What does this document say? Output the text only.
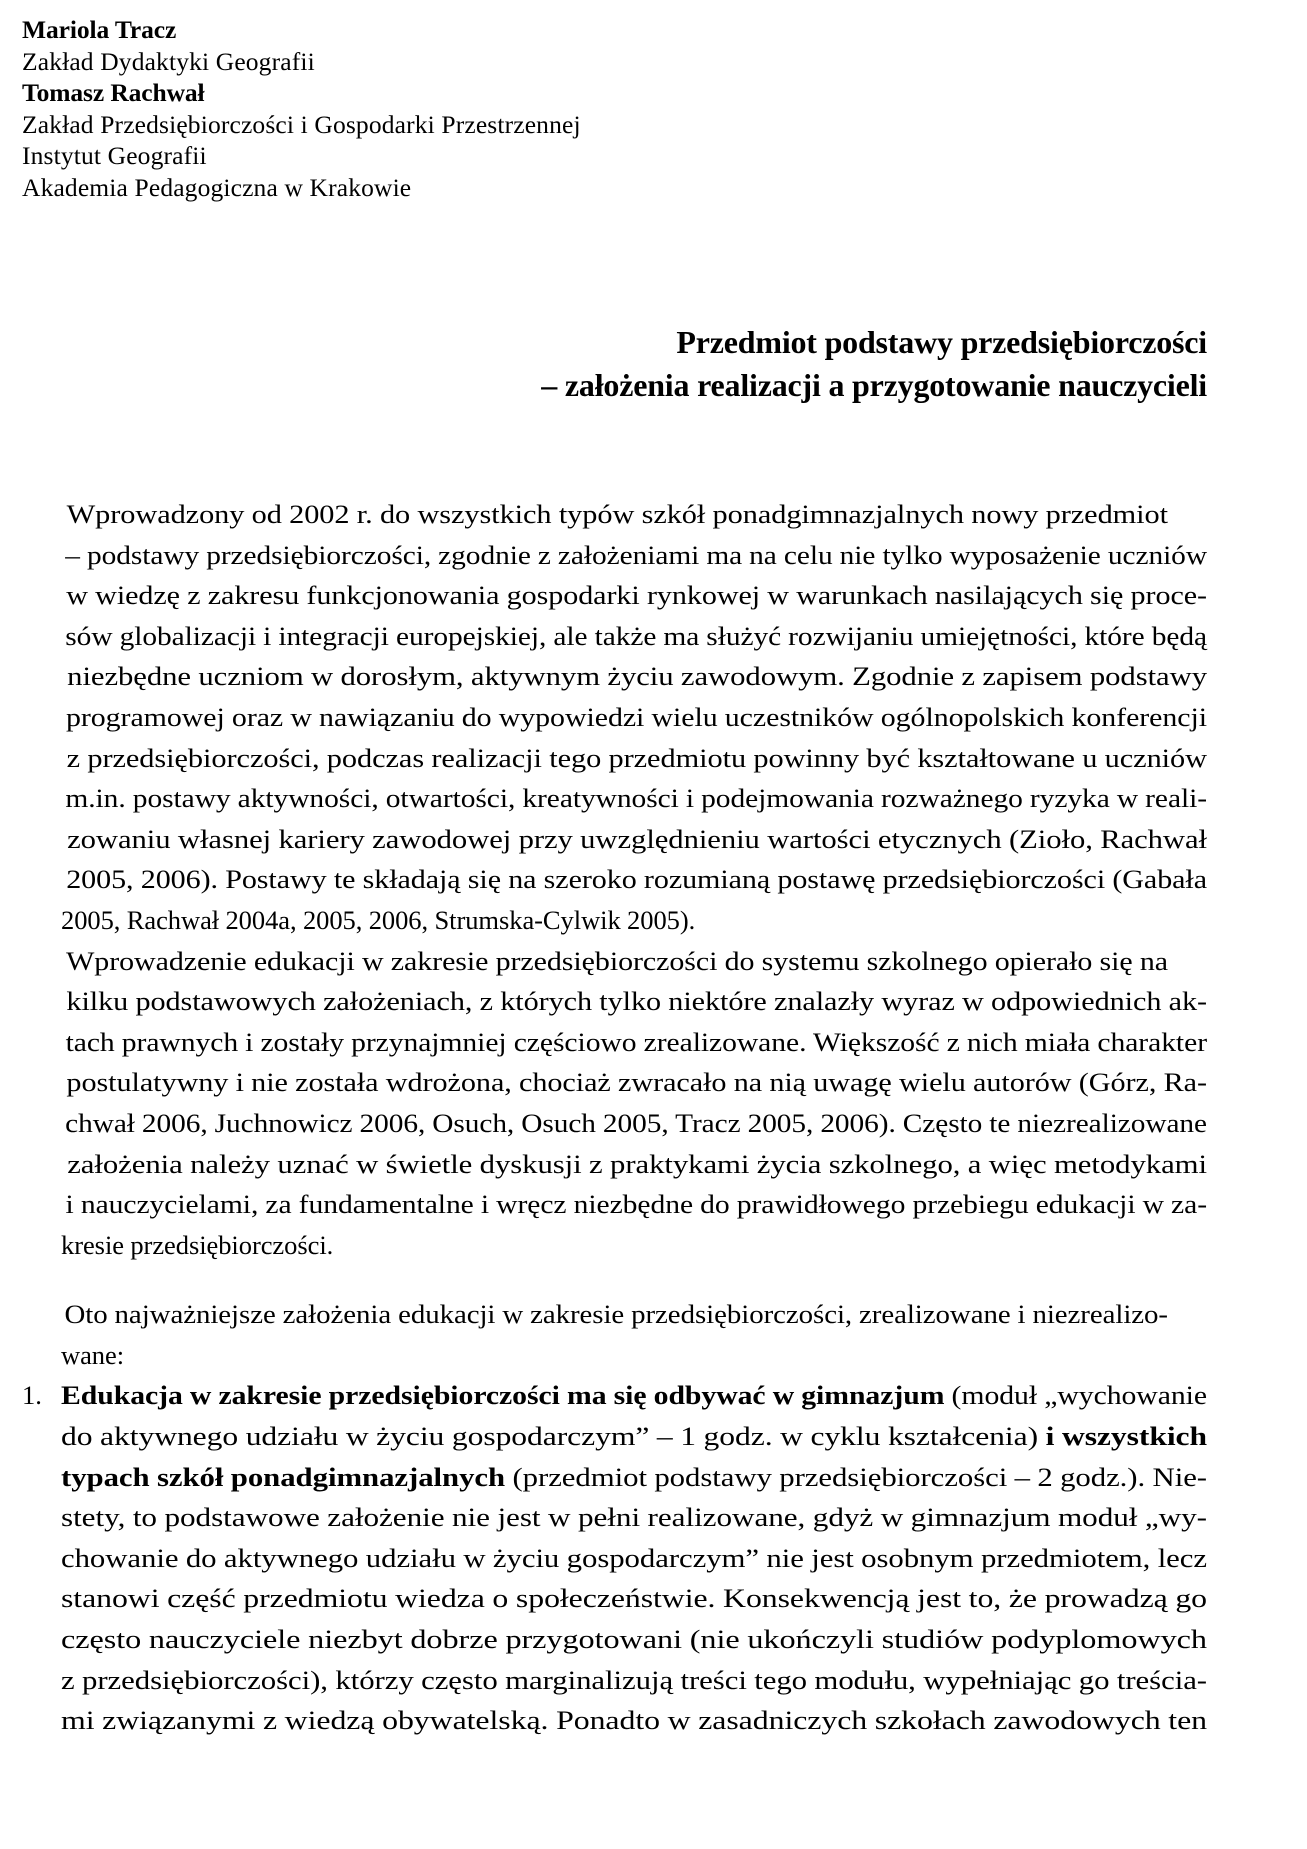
Mariola Tracz
Zakład Dydaktyki Geografii
Tomasz Rachwał
Zakład Przedsiębiorczości i Gospodarki Przestrzennej
Instytut Geografii
Akademia Pedagogiczna w Krakowie
Przedmiot podstawy przedsiębiorczości
– założenia realizacji a przygotowanie nauczycieli

Wprowadzony od 2002 r. do wszystkich typów szkół ponadgimnazjalnych nowy przedmiot
– podstawy przedsiębiorczości, zgodnie z założeniami ma na celu nie tylko wyposażenie uczniów
w wiedzę z zakresu funkcjonowania gospodarki rynkowej w warunkach nasilających się proce-
sów globalizacji i integracji europejskiej, ale także ma służyć rozwijaniu umiejętności, które będą
niezbędne uczniom w dorosłym, aktywnym życiu zawodowym. Zgodnie z zapisem podstawy
programowej oraz w nawiązaniu do wypowiedzi wielu uczestników ogólnopolskich konferencji
z przedsiębiorczości, podczas realizacji tego przedmiotu powinny być kształtowane u uczniów
m.in. postawy aktywności, otwartości, kreatywności i podejmowania rozważnego ryzyka w reali-
zowaniu własnej kariery zawodowej przy uwzględnieniu wartości etycznych (Zioło, Rachwał
2005, 2006). Postawy te składają się na szeroko rozumianą postawę przedsiębiorczości (Gabała
2005, Rachwał 2004a, 2005, 2006, Strumska-Cylwik 2005).

Wprowadzenie edukacji w zakresie przedsiębiorczości do systemu szkolnego opierało się na
kilku podstawowych założeniach, z których tylko niektóre znalazły wyraz w odpowiednich ak-
tach prawnych i zostały przynajmniej częściowo zrealizowane. Większość z nich miała charakter
postulatywny i nie została wdrożona, chociaż zwracało na nią uwagę wielu autorów (Górz, Ra-
chwał 2006, Juchnowicz 2006, Osuch, Osuch 2005, Tracz 2005, 2006). Często te niezrealizowane
założenia należy uznać w świetle dyskusji z praktykami życia szkolnego, a więc metodykami
i nauczycielami, za fundamentalne i wręcz niezbędne do prawidłowego przebiegu edukacji w za-
kresie przedsiębiorczości.

Oto najważniejsze założenia edukacji w zakresie przedsiębiorczości, zrealizowane i niezrealizo-
wane:

1. Edukacja w zakresie przedsiębiorczości ma się odbywać w gimnazjum (moduł „wychowanie
do aktywnego udziału w życiu gospodarczym” – 1 godz. w cyklu kształcenia) i wszystkich
typach szkół ponadgimnazjalnych (przedmiot podstawy przedsiębiorczości – 2 godz.). Nie-
stety, to podstawowe założenie nie jest w pełni realizowane, gdyż w gimnazjum moduł „wy-
chowanie do aktywnego udziału w życiu gospodarczym” nie jest osobnym przedmiotem, lecz
stanowi część przedmiotu wiedza o społeczeństwie. Konsekwencją jest to, że prowadzą go
często nauczyciele niezbyt dobrze przygotowani (nie ukończyli studiów podyplomowych
z przedsiębiorczości), którzy często marginalizują treści tego modułu, wypełniając go treścia-
mi związanymi z wiedzą obywatelską. Ponadto w zasadniczych szkołach zawodowych ten
